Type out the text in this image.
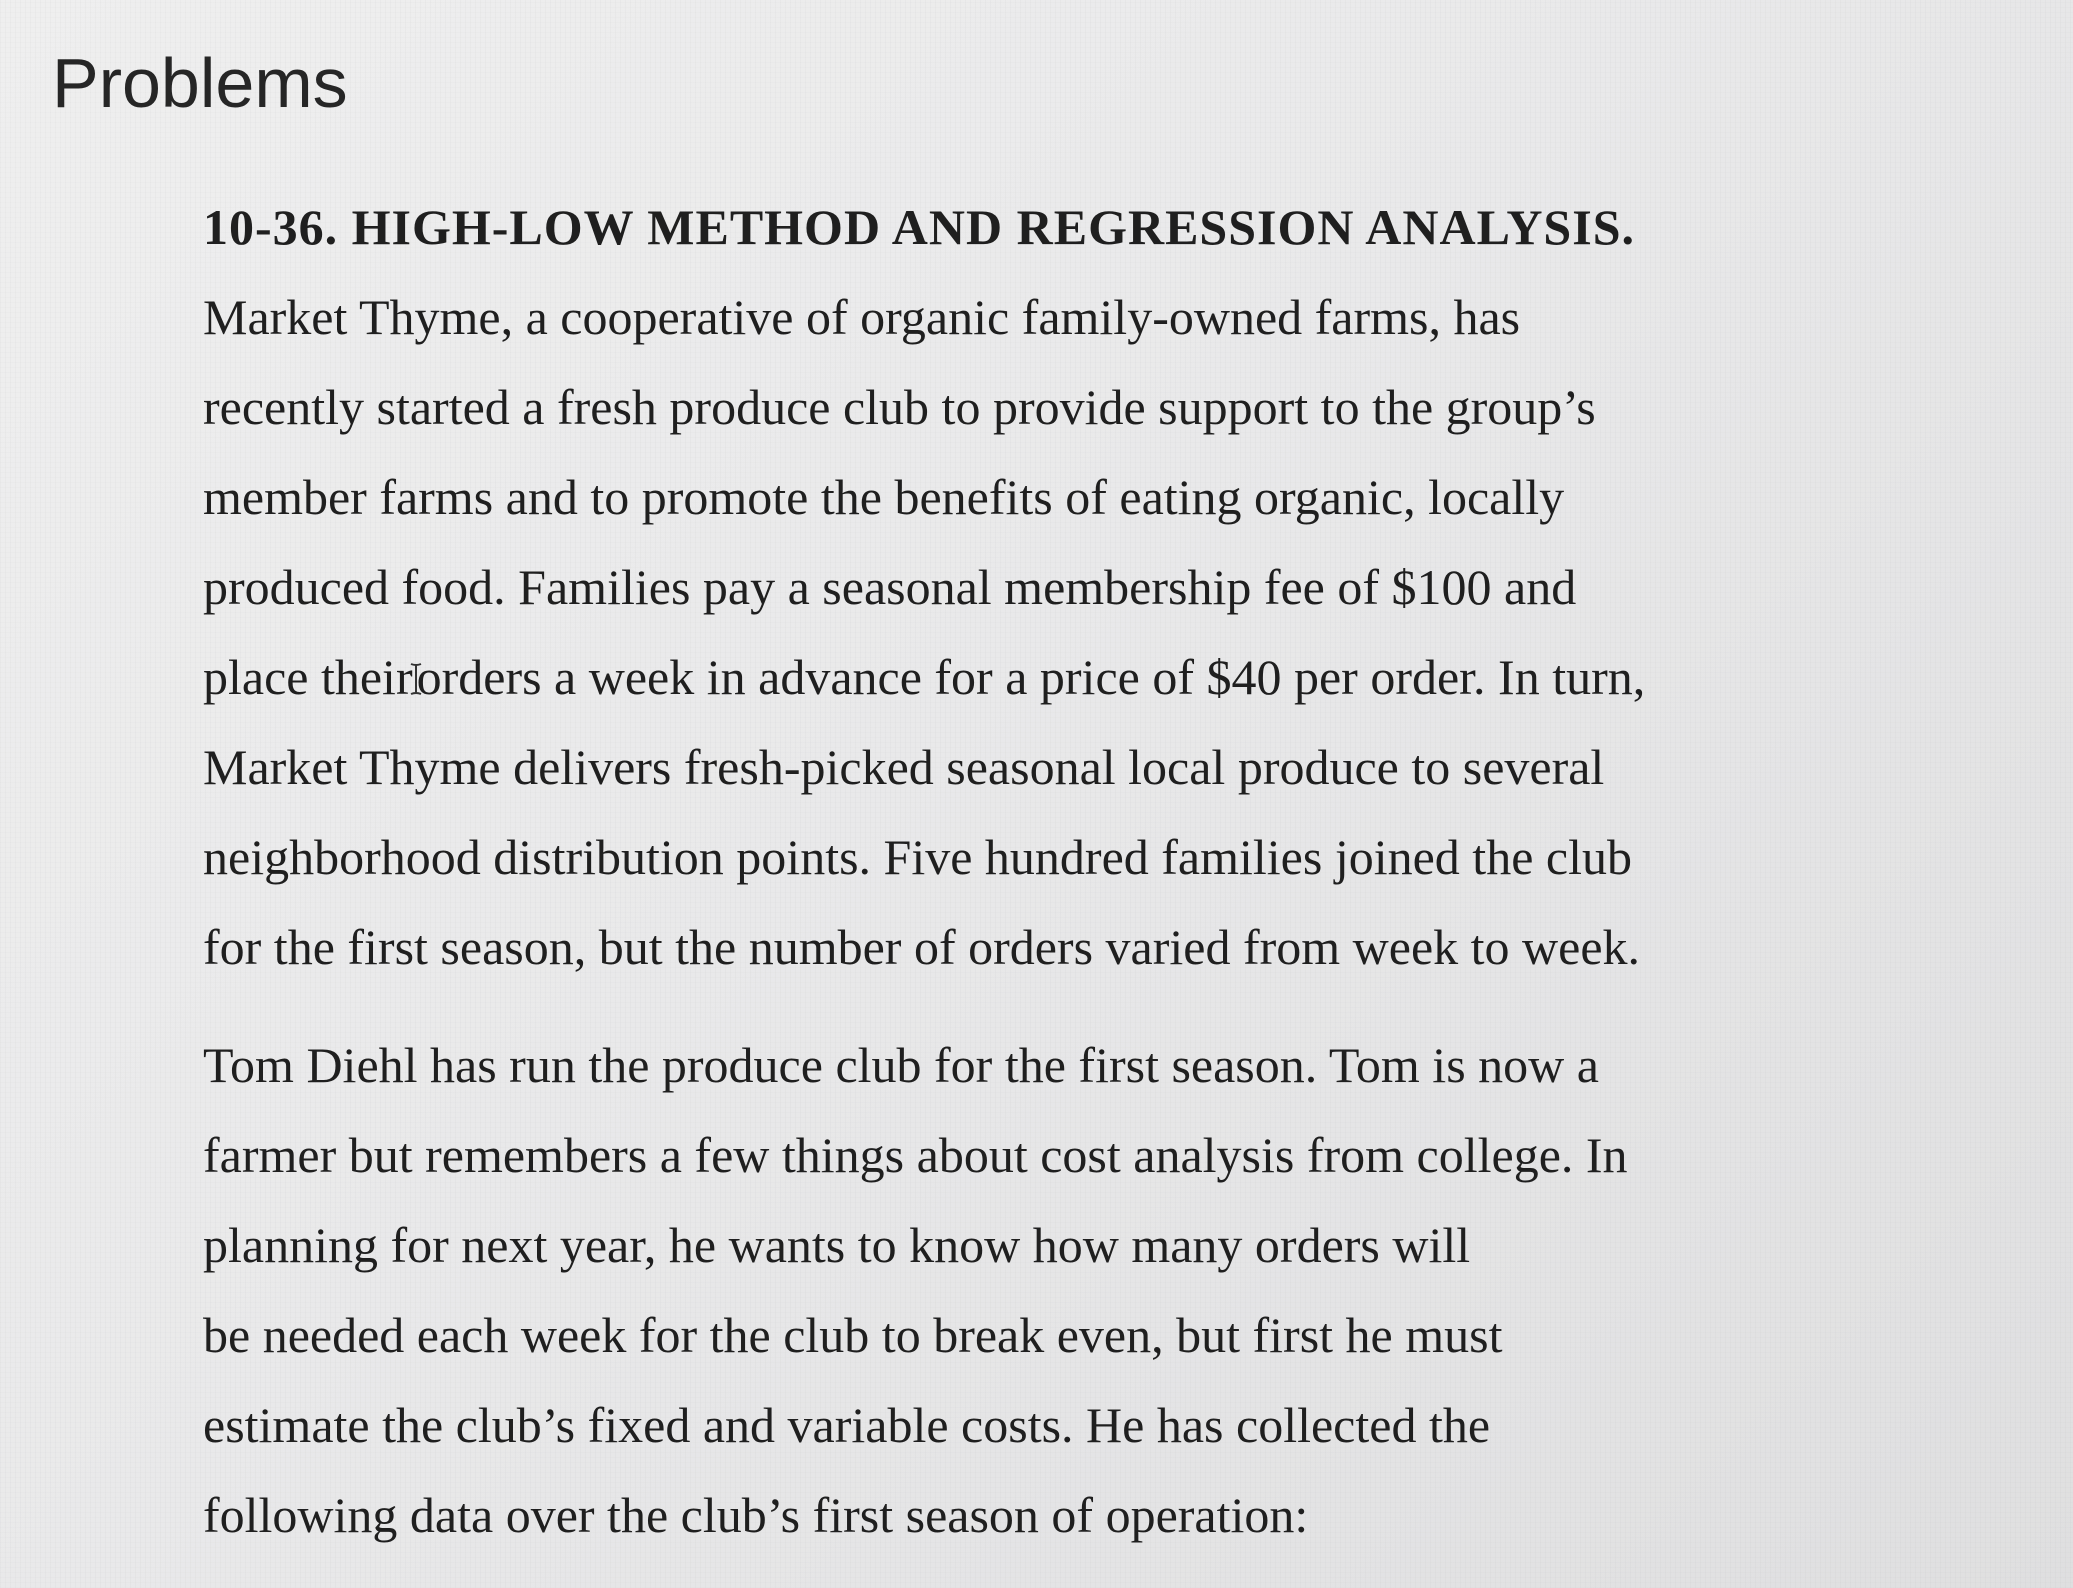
Problems

10-36. HIGH-LOW METHOD AND REGRESSION ANALYSIS.

Market Thyme, a cooperative of organic family-owned farms, has

recently started a fresh produce club to provide support to the group’s

member farms and to promote the benefits of eating organic, locally

produced food. Families pay a seasonal membership fee of $100 and

place theirorders a week in advance for a price of $40 per order. In turn,

Market Thyme delivers fresh-picked seasonal local produce to several

neighborhood distribution points. Five hundred families joined the club

for the first season, but the number of orders varied from week to week.

Tom Diehl has run the produce club for the first season. Tom is now a

farmer but remembers a few things about cost analysis from college. In

planning for next year, he wants to know how many orders will

be needed each week for the club to break even, but first he must

estimate the club’s fixed and variable costs. He has collected the

following data over the club’s first season of operation:
